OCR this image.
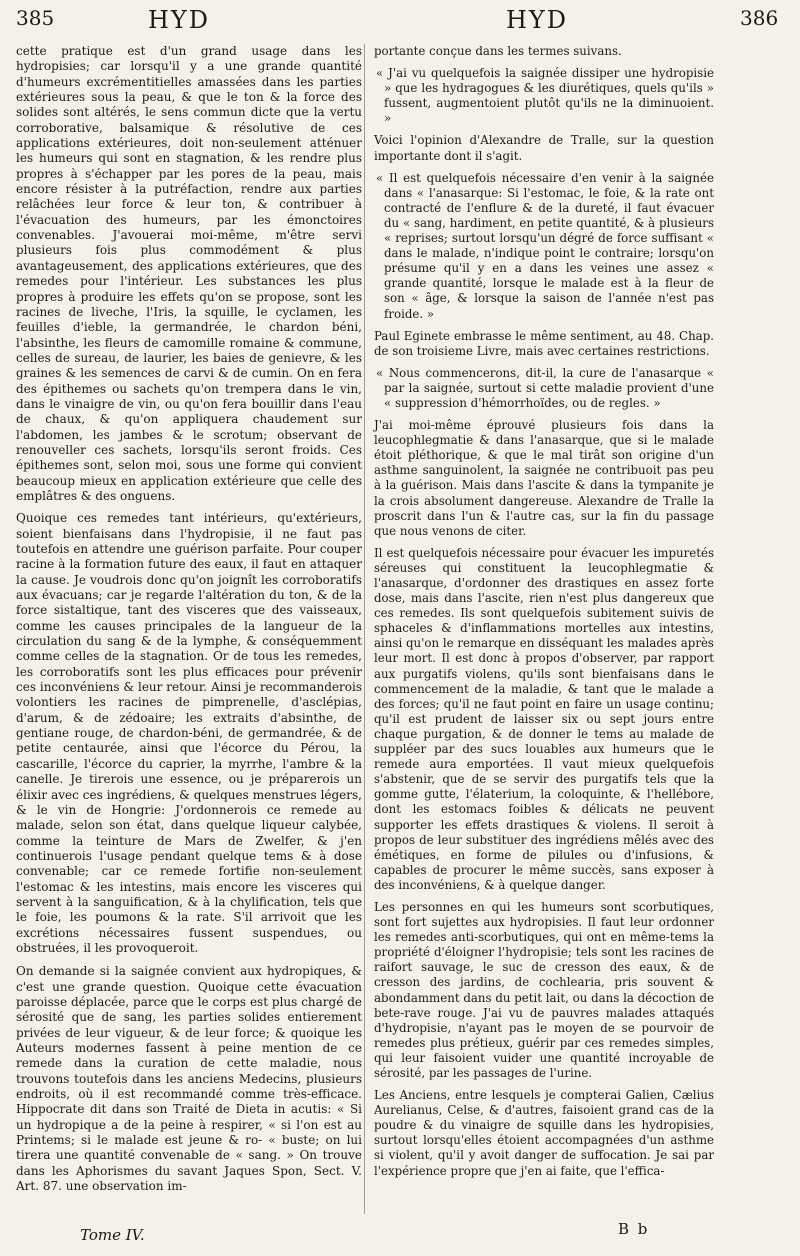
385	HYD	HYD	386

cette pratique est d'un grand usage dans les hydropisies; car lorsqu'il y a une grande quantité d'humeurs excrémentitielles amassées dans les parties extérieures sous la peau, & que le ton & la force des solides sont altérés, le sens commun dicte que la vertu corroborative, balsamique & résolutive de ces applications extérieures, doit non-seulement atténuer les humeurs qui sont en stagnation, & les rendre plus propres à s'échapper par les pores de la peau, mais encore résister à la putréfaction, rendre aux parties relâchées leur force & leur ton, & contribuer à l'évacuation des humeurs, par les émonctoires convenables. J'avouerai moi-même, m'être servi plusieurs fois plus commodément & plus avantageusement, des applications extérieures, que des remedes pour l'intérieur. Les substances les plus propres à produire les effets qu'on se propose, sont les racines de liveche, l'Iris, la squille, le cyclamen, les feuilles d'ieble, la germandrée, le chardon béni, l'absinthe, les fleurs de camomille romaine & commune, celles de sureau, de laurier, les baies de genievre, & les graines & les semences de carvi & de cumin. On en fera des épithemes ou sachets qu'on trempera dans le vin, dans le vinaigre de vin, ou qu'on fera bouillir dans l'eau de chaux, & qu'on appliquera chaudement sur l'abdomen, les jambes & le scrotum; observant de renouveller ces sachets, lorsqu'ils seront froids. Ces épithemes sont, selon moi, sous une forme qui convient beaucoup mieux en application extérieure que celle des emplâtres & des onguens.

Quoique ces remedes tant intérieurs, qu'extérieurs, soient bienfaisans dans l'hydropisie, il ne faut pas toutefois en attendre une guérison parfaite. Pour couper racine à la formation future des eaux, il faut en attaquer la cause. Je voudrois donc qu'on joignît les corroboratifs aux évacuans; car je regarde l'altération du ton, & de la force sistaltique, tant des visceres que des vaisseaux, comme les causes principales de la langueur de la circulation du sang & de la lymphe, & conséquemment comme celles de la stagnation. Or de tous les remedes, les corroboratifs sont les plus efficaces pour prévenir ces inconvéniens & leur retour. Ainsi je recommanderois volontiers les racines de pimprenelle, d'asclépias, d'arum, & de zédoaire; les extraits d'absinthe, de gentiane rouge, de chardon-béni, de germandrée, & de petite centaurée, ainsi que l'écorce du Pérou, la cascarille, l'écorce du caprier, la myrrhe, l'ambre & la canelle. Je tirerois une essence, ou je préparerois un élixir avec ces ingrédiens, & quelques menstrues légers, & le vin de Hongrie: J'ordonnerois ce remede au malade, selon son état, dans quelque liqueur calybée, comme la teinture de Mars de Zwelfer, & j'en continuerois l'usage pendant quelque tems & à dose convenable; car ce remede fortifie non-seulement l'estomac & les intestins, mais encore les visceres qui servent à la sanguification, & à la chylification, tels que le foie, les poumons & la rate. S'il arrivoit que les excrétions nécessaires fussent suspendues, ou obstruées, il les provoqueroit.

On demande si la saignée convient aux hydropiques, & c'est une grande question. Quoique cette évacuation paroisse déplacée, parce que le corps est plus chargé de sérosité que de sang, les parties solides entierement privées de leur vigueur, & de leur force; & quoique les Auteurs modernes fassent à peine mention de ce remede dans la curation de cette maladie, nous trouvons toutefois dans les anciens Medecins, plusieurs endroits, où il est recommandé comme très-efficace. Hippocrate dit dans son Traité de Dieta in acutis: « Si un hydropique a de la peine à respirer, « si l'on est au Printems; si le malade est jeune & ro- « buste; on lui tirera une quantité convenable de « sang. » On trouve dans les Aphorismes du savant Jaques Spon, Sect. V. Art. 87. une observation im-

portante conçue dans les termes suivans.

« J'ai vu quelquefois la saignée dissiper une hydropisie » que les hydragogues & les diurétiques, quels qu'ils » fussent, augmentoient plutôt qu'ils ne la diminuoient. »

Voici l'opinion d'Alexandre de Tralle, sur la question importante dont il s'agit.

« Il est quelquefois nécessaire d'en venir à la saignée dans « l'anasarque: Si l'estomac, le foie, & la rate ont contracté de l'enflure & de la dureté, il faut évacuer du « sang, hardiment, en petite quantité, & à plusieurs « reprises; surtout lorsqu'un dégré de force suffisant « dans le malade, n'indique point le contraire; lorsqu'on présume qu'il y en a dans les veines une assez « grande quantité, lorsque le malade est à la fleur de son « âge, & lorsque la saison de l'année n'est pas froide. »

Paul Eginete embrasse le même sentiment, au 48. Chap. de son troisieme Livre, mais avec certaines restrictions.

« Nous commencerons, dit-il, la cure de l'anasarque « par la saignée, surtout si cette maladie provient d'une « suppression d'hémorrhoïdes, ou de regles. »

J'ai moi-même éprouvé plusieurs fois dans la leucophlegmatie & dans l'anasarque, que si le malade étoit pléthorique, & que le mal tirât son origine d'un asthme sanguinolent, la saignée ne contribuoit pas peu à la guérison. Mais dans l'ascite & dans la tympanite je la crois absolument dangereuse. Alexandre de Tralle la proscrit dans l'un & l'autre cas, sur la fin du passage que nous venons de citer.

Il est quelquefois nécessaire pour évacuer les impuretés séreuses qui constituent la leucophlegmatie & l'anasarque, d'ordonner des drastiques en assez forte dose, mais dans l'ascite, rien n'est plus dangereux que ces remedes. Ils sont quelquefois subitement suivis de sphaceles & d'inflammations mortelles aux intestins, ainsi qu'on le remarque en disséquant les malades après leur mort. Il est donc à propos d'observer, par rapport aux purgatifs violens, qu'ils sont bienfaisans dans le commencement de la maladie, & tant que le malade a des forces; qu'il ne faut point en faire un usage continu; qu'il est prudent de laisser six ou sept jours entre chaque purgation, & de donner le tems au malade de suppléer par des sucs louables aux humeurs que le remede aura emportées. Il vaut mieux quelquefois s'abstenir, que de se servir des purgatifs tels que la gomme gutte, l'élaterium, la coloquinte, & l'hellébore, dont les estomacs foibles & délicats ne peuvent supporter les effets drastiques & violens. Il seroit à propos de leur substituer des ingrédiens mêlés avec des émétiques, en forme de pilules ou d'infusions, & capables de procurer le même succès, sans exposer à des inconvéniens, & à quelque danger.

Les personnes en qui les humeurs sont scorbutiques, sont fort sujettes aux hydropisies. Il faut leur ordonner les remedes anti-scorbutiques, qui ont en même-tems la propriété d'éloigner l'hydropisie; tels sont les racines de raifort sauvage, le suc de cresson des eaux, & de cresson des jardins, de cochlearia, pris souvent & abondamment dans du petit lait, ou dans la décoction de bete-rave rouge. J'ai vu de pauvres malades attaqués d'hydropisie, n'ayant pas le moyen de se pourvoir de remedes plus prétieux, guérir par ces remedes simples, qui leur faisoient vuider une quantité incroyable de sérosité, par les passages de l'urine.

Les Anciens, entre lesquels je compterai Galien, Cælius Aurelianus, Celse, & d'autres, faisoient grand cas de la poudre & du vinaigre de squille dans les hydropisies, surtout lorsqu'elles étoient accompagnées d'un asthme si violent, qu'il y avoit danger de suffocation. Je sai par l'expérience propre que j'en ai faite, que l'effica-

Tome IV.	B b
